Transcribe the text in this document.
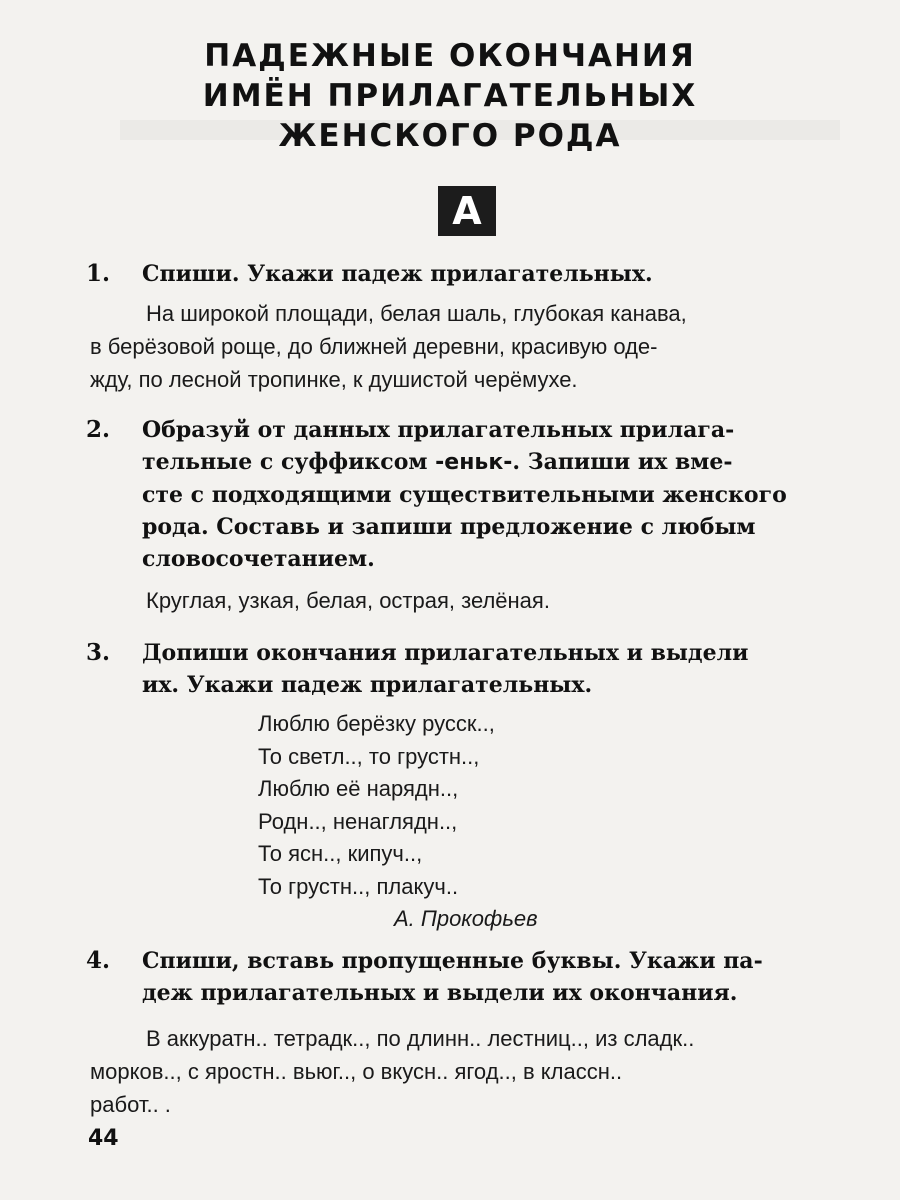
ПАДЕЖНЫЕ ОКОНЧАНИЯ
ИМЁН ПРИЛАГАТЕЛЬНЫХ
ЖЕНСКОГО РОДА
А
1. Спиши. Укажи падеж прилагательных.
На широкой площади, белая шаль, глубокая канава,
в берёзовой роще, до ближней деревни, красивую оде-
жду, по лесной тропинке, к душистой черёмухе.
2. Образуй от данных прилагательных прилага-
тельные с суффиксом -еньк-. Запиши их вме-
сте с подходящими существительными женского
рода. Составь и запиши предложение с любым
словосочетанием.
Круглая, узкая, белая, острая, зелёная.
3. Допиши окончания прилагательных и выдели
их. Укажи падеж прилагательных.
Люблю берёзку русск..,
То светл.., то грустн..,
Люблю её нарядн..,
Родн.., ненаглядн..,
То ясн.., кипуч..,
То грустн.., плакуч..
А. Прокофьев
4. Спиши, вставь пропущенные буквы. Укажи па-
деж прилагательных и выдели их окончания.
В аккуратн.. тетрадк.., по длинн.. лестниц.., из сладк..
морков.., с яростн.. вьюг.., о вкусн.. ягод.., в классн..
работ.. .
44
